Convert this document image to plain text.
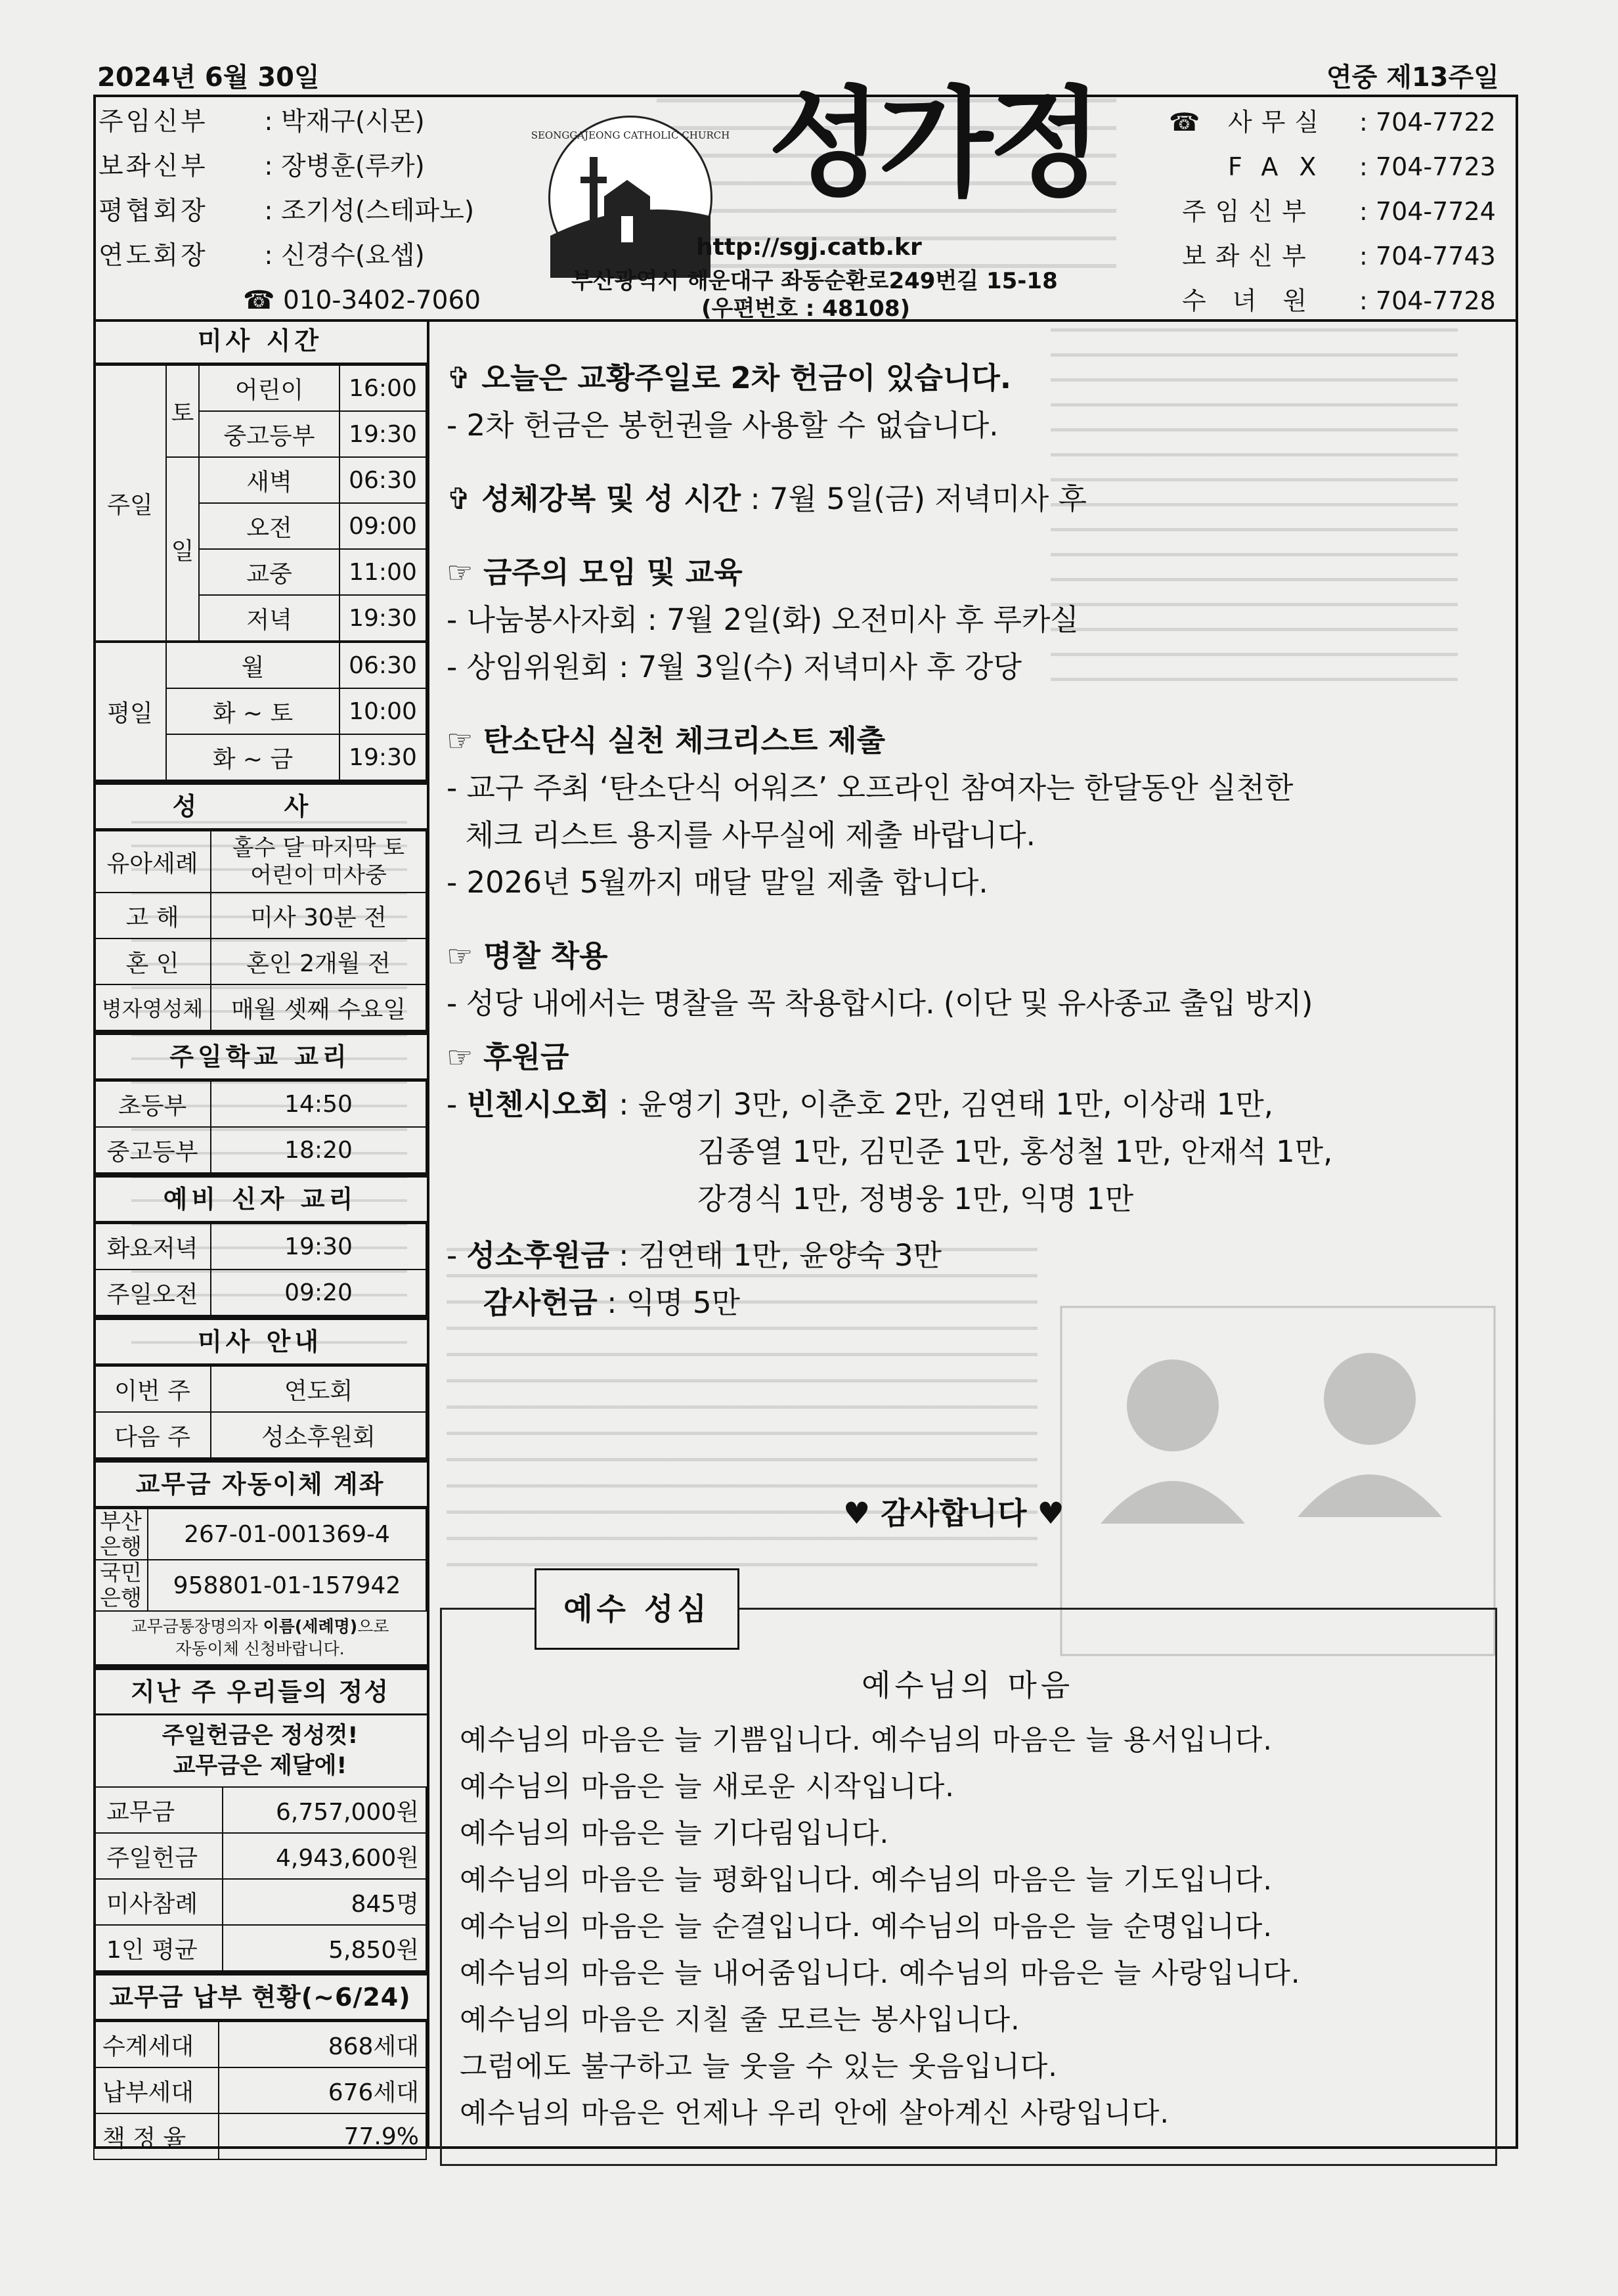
2024년 6월 30일	연중 제13주일
주임신부	: 박재구(시몬)
보좌신부	: 장병훈(루카)
평협회장	: 조기성(스테파노)
연도회장	: 신경수(요셉)
☎ 010-3402-7060
SEONGGAJEONG CATHOLIC CHURCH 성가정
http://sgj.catb.kr
부산광역시 해운대구 좌동순환로249번길 15-18
(우편번호 : 48108)
☎	사무실	: 704-7722
FAX : 704-7723
주임신부	: 704-7724
보좌신부	: 704-7743
수녀원	: 704-7728
미사 시간
주일	토	어린이	16:00
		중고등부	19:30
	일	새벽	06:30
		오전	09:00
		교중	11:00
		저녁	19:30
평일	월		06:30
	화 ~ 토		10:00
	화 ~ 금		19:30
성 사
유아세례	홀수 달 마지막 토 어린이 미사중
고 해	미사 30분 전
혼 인	혼인 2개월 전
병자영성체	매월 셋째 수요일
주일학교 교리
초등부	14:50
중고등부	18:20
예비 신자 교리
화요저녁	19:30
주일오전	09:20
미사 안내
이번 주	연도회
다음 주	성소후원회
교무금 자동이체 계좌
부산은행	267-01-001369-4
국민은행	958801-01-157942
교무금통장명의자 이름(세례명)으로
자동이체 신청바랍니다.
지난 주 우리들의 정성
주일헌금은 정성껏!
교무금은 제달에!
교무금	6,757,000원
주일헌금	4,943,600원
미사참례	845명
1인 평균	5,850원
교무금 납부 현황(~6/24)
수계세대	868세대
납부세대	676세대
책 정 율	77.9%
✞ 오늘은 교황주일로 2차 헌금이 있습니다.
- 2차 헌금은 봉헌권을 사용할 수 없습니다.
✞ 성체강복 및 성 시간 : 7월 5일(금) 저녁미사 후
☞ 금주의 모임 및 교육
- 나눔봉사자회 : 7월 2일(화) 오전미사 후 루카실
- 상임위원회 : 7월 3일(수) 저녁미사 후 강당
☞ 탄소단식 실천 체크리스트 제출
- 교구 주최 ‘탄소단식 어워즈’ 오프라인 참여자는 한달동안 실천한
체크 리스트 용지를 사무실에 제출 바랍니다.
- 2026년 5월까지 매달 말일 제출 합니다.
☞ 명찰 착용
- 성당 내에서는 명찰을 꼭 착용합시다. (이단 및 유사종교 출입 방지)
☞ 후원금
- 빈첸시오회 : 윤영기 3만, 이춘호 2만, 김연태 1만, 이상래 1만,
김종열 1만, 김민준 1만, 홍성철 1만, 안재석 1만,
강경식 1만, 정병웅 1만, 익명 1만
- 성소후원금 : 김연태 1만, 윤양숙 3만
감사헌금 : 익명 5만
♥ 감사합니다 ♥
예수 성심
예수님의 마음
예수님의 마음은 늘 기쁨입니다. 예수님의 마음은 늘 용서입니다.
예수님의 마음은 늘 새로운 시작입니다.
예수님의 마음은 늘 기다림입니다.
예수님의 마음은 늘 평화입니다. 예수님의 마음은 늘 기도입니다.
예수님의 마음은 늘 순결입니다. 예수님의 마음은 늘 순명입니다.
예수님의 마음은 늘 내어줌입니다. 예수님의 마음은 늘 사랑입니다.
예수님의 마음은 지칠 줄 모르는 봉사입니다.
그럼에도 불구하고 늘 웃을 수 있는 웃음입니다.
예수님의 마음은 언제나 우리 안에 살아계신 사랑입니다.
